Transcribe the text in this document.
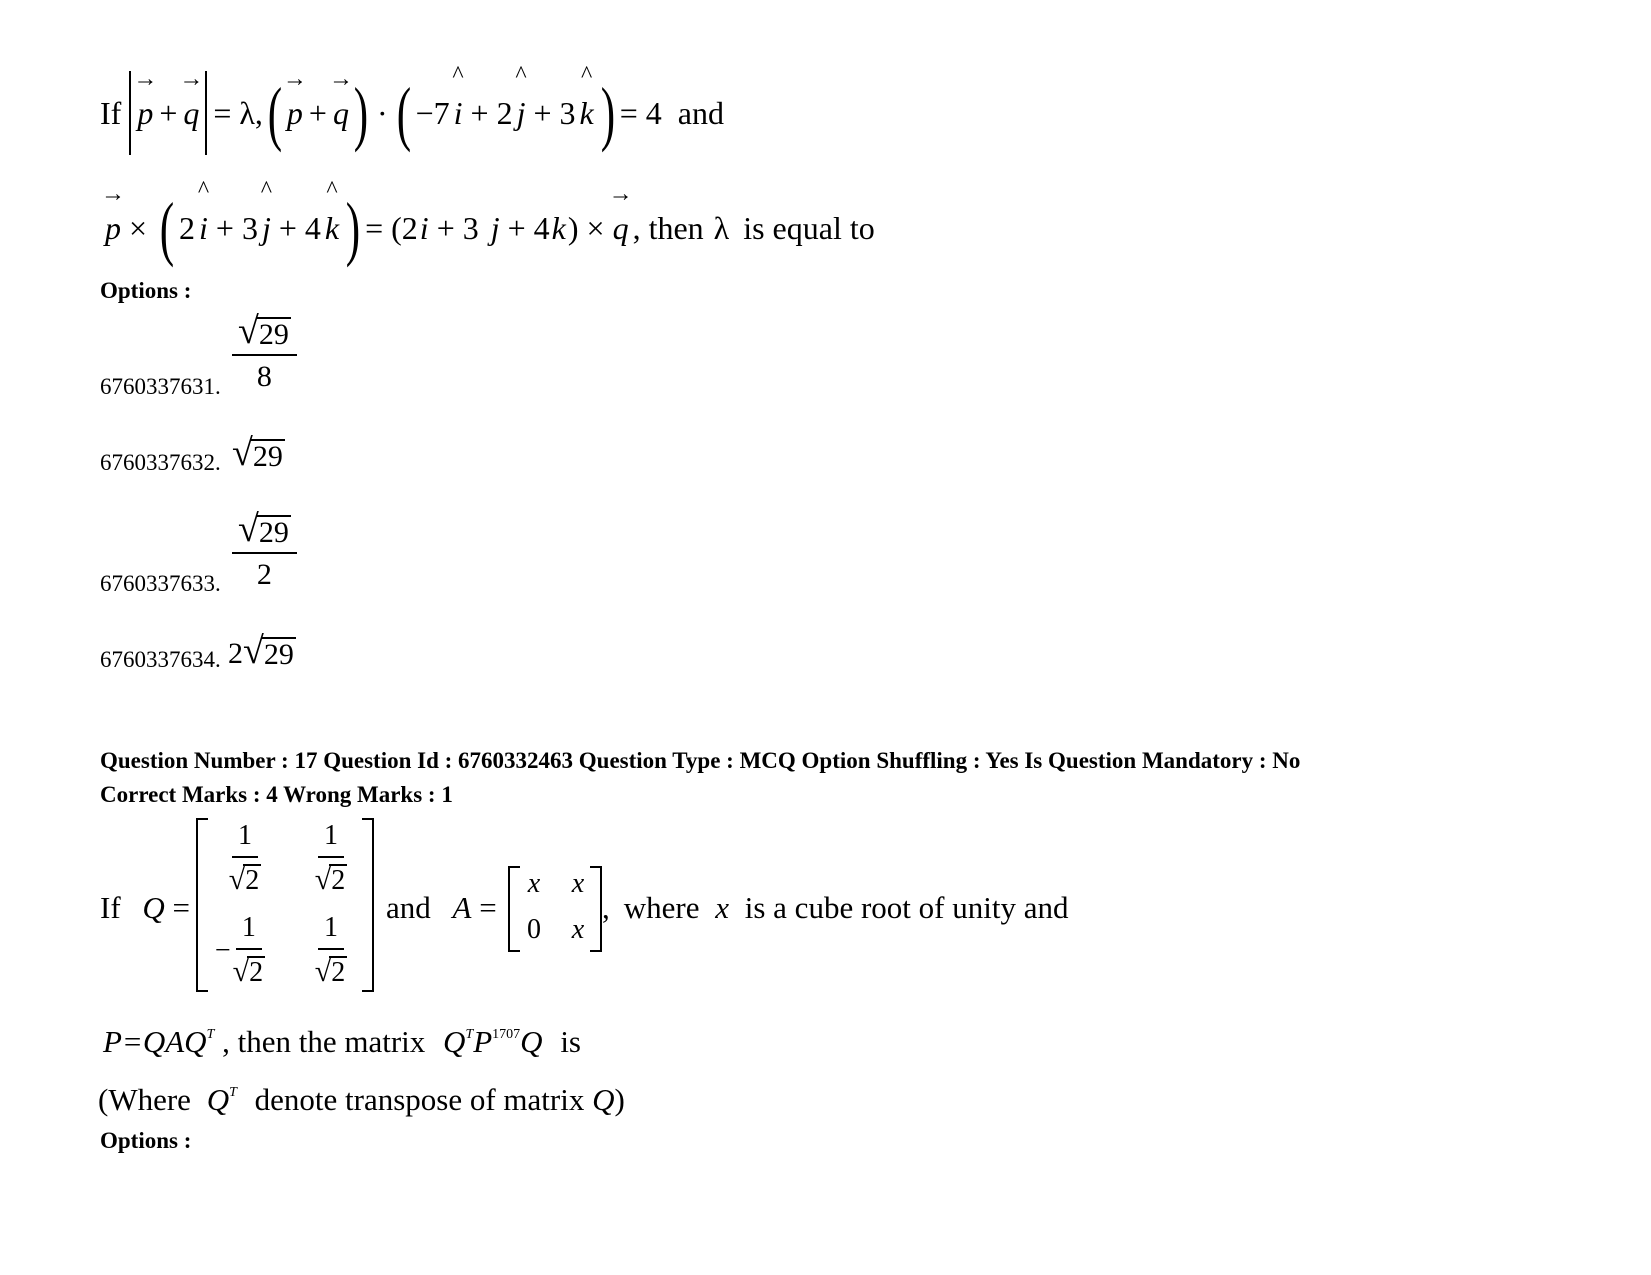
If
→
p +
→
q = λ, ( →
p +
→
q ) · ( −7
^
i + 2
^
j + 3
^
k ) = 4 and
→
p × ( 2
^
i + 3
^
j + 4
^
k ) = (2 i + 3 j + 4 k ) ×
→
q , then λ is equal to
Options :
6760337631. $\frac{√ 29}{8}$
6760337632. √ 29
6760337633. $\frac{√ 29}{2}$
6760337634. 2 √ 29
Question Number : 17 Question Id : 6760332463 Question Type : MCQ Option Shuffling : Yes Is Question Mandatory : No
Correct Marks : 4 Wrong Marks : 1
If Q =
$\frac{1}{√ 2} \frac{1}{√ 2}$
− $\frac{1}{√ 2} \frac{1}{√ 2}$
and A =
x x
0 x
, where x is a cube root of unity and
$P=QAQ^T$ , then the matrix $Q^TP^{1707}Q$ is
(Where $Q^T$ denote transpose of matrix Q)
Options :
